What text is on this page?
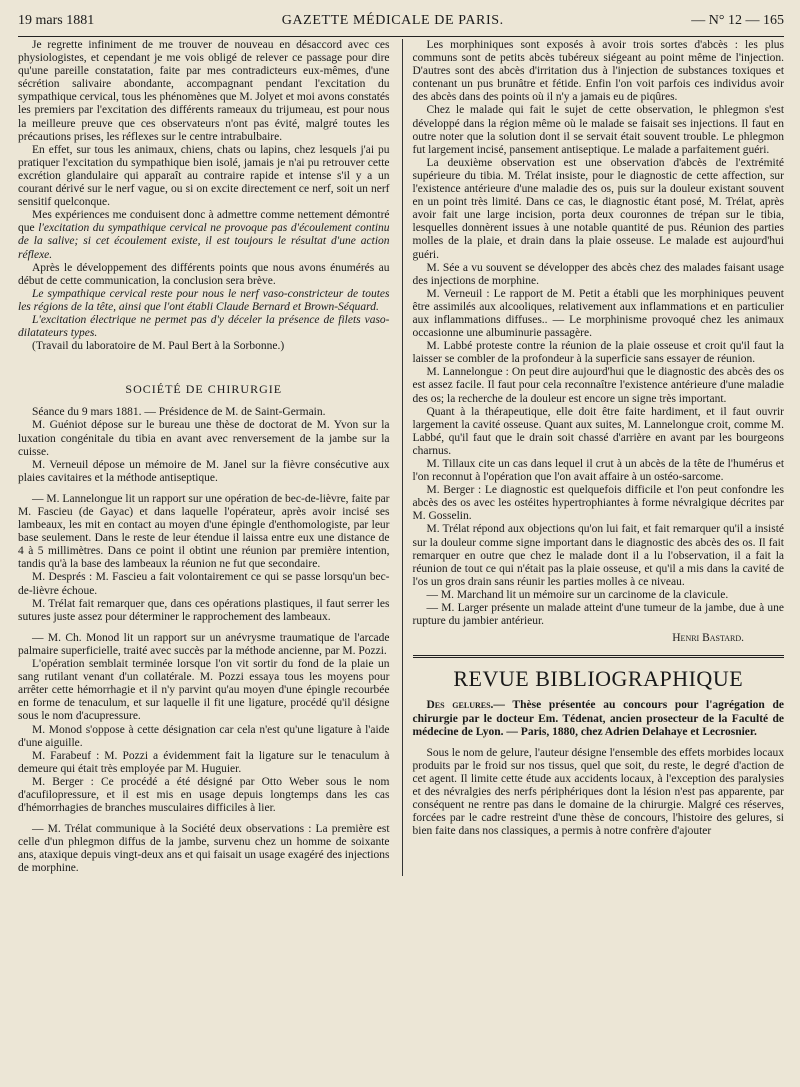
19 mars 1881	GAZETTE MÉDICALE DE PARIS.	— N° 12 — 165

Je regrette infiniment de me trouver de nouveau en désaccord avec ces physiologistes, et cependant je me vois obligé de relever ce passage pour dire qu'une pareille constatation, faite par mes contradicteurs eux-mêmes, d'une sécrétion salivaire abondante, accompagnant pendant l'excitation du sympathique cervical, tous les phénomènes que M. Jolyet et moi avons constatés les premiers par l'excitation des différents rameaux du trijumeau, est pour nous la meilleure preuve que ces observateurs n'ont pas évité, malgré toutes les précautions prises, les réflexes sur le centre intrabulbaire.

En effet, sur tous les animaux, chiens, chats ou lapins, chez lesquels j'ai pu pratiquer l'excitation du sympathique bien isolé, jamais je n'ai pu retrouver cette excrétion glandulaire qui apparaît au contraire rapide et intense s'il y a un courant dérivé sur le nerf vague, ou si on excite directement ce nerf, soit un nerf sensitif quelconque.

Mes expériences me conduisent donc à admettre comme nettement démontré que l'excitation du sympathique cervical ne provoque pas d'écoulement continu de la salive; si cet écoulement existe, il est toujours le résultat d'une action réflexe.

Après le développement des différents points que nous avons énumérés au début de cette communication, la conclusion sera brève.

Le sympathique cervical reste pour nous le nerf vaso-constricteur de toutes les régions de la tête, ainsi que l'ont établi Claude Bernard et Brown-Séquard.

L'excitation électrique ne permet pas d'y déceler la présence de filets vaso-dilatateurs types.

(Travail du laboratoire de M. Paul Bert à la Sorbonne.)

SOCIÉTÉ DE CHIRURGIE

Séance du 9 mars 1881. — Présidence de M. de Saint-Germain.

M. Guéniot dépose sur le bureau une thèse de doctorat de M. Yvon sur la luxation congénitale du tibia en avant avec renversement de la jambe sur la cuisse.

M. Verneuil dépose un mémoire de M. Janel sur la fièvre consécutive aux plaies cavitaires et la méthode antiseptique.

— M. Lannelongue lit un rapport sur une opération de bec-de-lièvre, faite par M. Fascieu (de Gayac) et dans laquelle l'opérateur, après avoir incisé ses lambeaux, les mit en contact au moyen d'une épingle d'enthomologiste, par leur base seulement. Dans le reste de leur étendue il laissa entre eux une distance de 4 à 5 millimètres. Dans ce point il obtint une réunion par première intention, tandis qu'à la base des lambeaux la réunion ne fut que secondaire.

M. Després : M. Fascieu a fait volontairement ce qui se passe lorsqu'un bec-de-lièvre échoue.

M. Trélat fait remarquer que, dans ces opérations plastiques, il faut serrer les sutures juste assez pour déterminer le rapprochement des lambeaux.

— M. Ch. Monod lit un rapport sur un anévrysme traumatique de l'arcade palmaire superficielle, traité avec succès par la méthode ancienne, par M. Pozzi.

L'opération semblait terminée lorsque l'on vit sortir du fond de la plaie un sang rutilant venant d'un collatérale. M. Pozzi essaya tous les moyens pour arrêter cette hémorrhagie et il n'y parvint qu'au moyen d'une épingle recourbée en forme de tenaculum, et sur laquelle il fit une ligature, procédé qu'il désigne sous le nom d'acupressure.

M. Monod s'oppose à cette désignation car cela n'est qu'une ligature à l'aide d'une aiguille.

M. Farabeuf : M. Pozzi a évidemment fait la ligature sur le tenaculum à demeure qui était très employée par M. Huguier.

M. Berger : Ce procédé a été désigné par Otto Weber sous le nom d'acufilopressure, et il est mis en usage depuis longtemps dans les cas d'hémorrhagies de branches musculaires difficiles à lier.

— M. Trélat communique à la Société deux observations : La première est celle d'un phlegmon diffus de la jambe, survenu chez un homme de soixante ans, ataxique depuis vingt-deux ans et qui faisait un usage exagéré des injections de morphine.

Les morphiniques sont exposés à avoir trois sortes d'abcès : les plus communs sont de petits abcès tubéreux siégeant au point même de l'injection. D'autres sont des abcès d'irritation dus à l'injection de substances toxiques et contenant un pus brunâtre et fétide. Enfin l'on voit parfois ces individus avoir des abcès dans des points où il n'y a jamais eu de piqûres.

Chez le malade qui fait le sujet de cette observation, le phlegmon s'est développé dans la région même où le malade se faisait ses injections. Il faut en outre noter que la solution dont il se servait était souvent trouble. Le phlegmon fut largement incisé, pansement antiseptique. Le malade a parfaitement guéri.

La deuxième observation est une observation d'abcès de l'extrémité supérieure du tibia. M. Trélat insiste, pour le diagnostic de cette affection, sur l'existence antérieure d'une maladie des os, puis sur la douleur existant souvent en un point très limité. Dans ce cas, le diagnostic étant posé, M. Trélat, après avoir fait une large incision, porta deux couronnes de trépan sur le tibia, lesquelles donnèrent issues à une notable quantité de pus. Réunion des parties molles de la plaie, et drain dans la plaie osseuse. Le malade est aujourd'hui guéri.

M. Sée a vu souvent se développer des abcès chez des malades faisant usage des injections de morphine.

M. Verneuil : Le rapport de M. Petit a établi que les morphiniques peuvent être assimilés aux alcooliques, relativement aux inflammations et en particulier aux inflammations diffuses.. — Le morphinisme provoqué chez les animaux occasionne une albuminurie passagère.

M. Labbé proteste contre la réunion de la plaie osseuse et croit qu'il faut la laisser se combler de la profondeur à la superficie sans essayer de réunion.

M. Lannelongue : On peut dire aujourd'hui que le diagnostic des abcès des os est assez facile. Il faut pour cela reconnaître l'existence antérieure d'une maladie des os; la recherche de la douleur est encore un signe très important.

Quant à la thérapeutique, elle doit être faite hardiment, et il faut ouvrir largement la cavité osseuse. Quant aux suites, M. Lannelongue croit, comme M. Labbé, qu'il faut que le drain soit chassé d'arrière en avant par les bourgeons charnus.

M. Tillaux cite un cas dans lequel il crut à un abcès de la tête de l'humérus et l'on reconnut à l'opération que l'on avait affaire à un ostéo-sarcome.

M. Berger : Le diagnostic est quelquefois difficile et l'on peut confondre les abcès des os avec les ostéites hypertrophiantes à forme névralgique décrites par M. Gosselin.

M. Trélat répond aux objections qu'on lui fait, et fait remarquer qu'il a insisté sur la douleur comme signe important dans le diagnostic des abcès des os. Il fait remarquer en outre que chez le malade dont il a lu l'observation, il a fait la réunion de tout ce qui n'était pas la plaie osseuse, et qu'il a mis dans la cavité de l'os un gros drain sans réunir les parties molles à ce niveau.

— M. Marchand lit un mémoire sur un carcinome de la clavicule.

— M. Larger présente un malade atteint d'une tumeur de la jambe, due à une rupture du jambier antérieur.

Henri Bastard.
REVUE BIBLIOGRAPHIQUE

Des gelures.— Thèse présentée au concours pour l'agrégation de chirurgie par le docteur Em. Tédenat, ancien prosecteur de la Faculté de médecine de Lyon. — Paris, 1880, chez Adrien Delahaye et Lecrosnier.

Sous le nom de gelure, l'auteur désigne l'ensemble des effets morbides locaux produits par le froid sur nos tissus, quel que soit, du reste, le degré d'action de cet agent. Il limite cette étude aux accidents locaux, à l'exception des paralysies et des névralgies des nerfs périphériques dont la lésion n'est pas apparente, par conséquent ne rentre pas dans le domaine de la chirurgie. Malgré ces réserves, forcées par le cadre restreint d'une thèse de concours, l'histoire des gelures, si bien faite dans nos classiques, a permis à notre confrère d'ajouter
